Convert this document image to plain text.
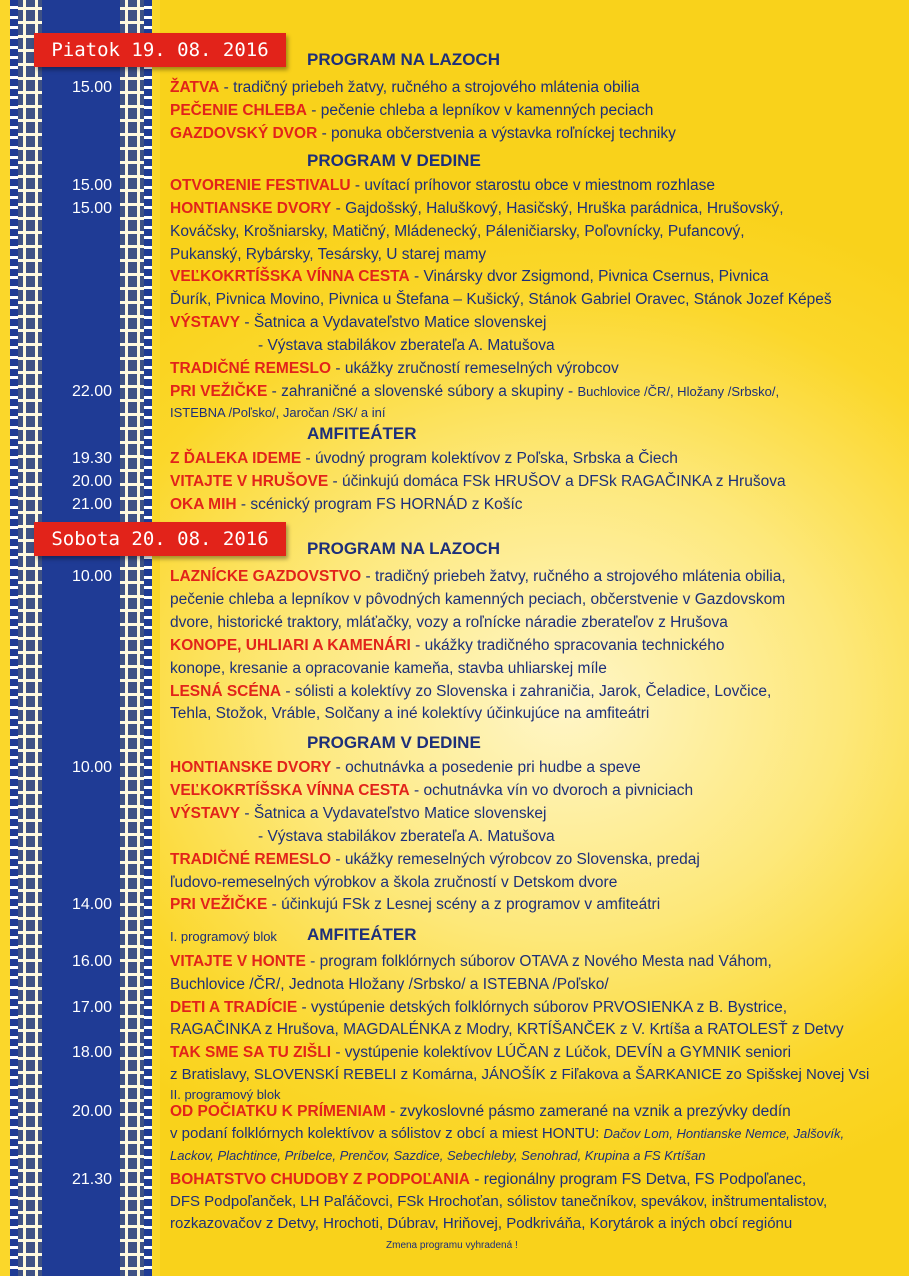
Piatok 19. 08. 2016	PROGRAM NA LAZOCH
15.00	ŽATVA - tradičný priebeh žatvy, ručného a strojového mlátenia obilia
PEČENIE CHLEBA - pečenie chleba a lepníkov v kamenných peciach
GAZDOVSKÝ DVOR - ponuka občerstvenia a výstavka roľníckej techniky
PROGRAM V DEDINE
15.00	OTVORENIE FESTIVALU - uvítací príhovor starostu obce v miestnom rozhlase
15.00	HONTIANSKE DVORY - Gajdošský, Haluškový, Hasičský, Hruška parádnica, Hrušovský,
Kováčsky, Krošniarsky, Matičný, Mládenecký, Páleničiarsky, Poľovnícky, Pufancový,
Pukanský, Rybársky, Tesársky, U starej mamy
VEĽKOKRTÍŠSKA VÍNNA CESTA - Vinársky dvor Zsigmond, Pivnica Csernus, Pivnica
Ďurík, Pivnica Movino, Pivnica u Štefana – Kušický, Stánok Gabriel Oravec, Stánok Jozef Képeš
VÝSTAVY - Šatnica a Vydavateľstvo Matice slovenskej
- Výstava stabilákov zberateľa A. Matušova
TRADIČNÉ REMESLO - ukážky zručností remeselných výrobcov
22.00	PRI VEŽIČKE - zahraničné a slovenské súbory a skupiny - Buchlovice /ČR/, Hložany /Srbsko/,
ISTEBNA /Poľsko/, Jaročan /SK/ a iní
AMFITEÁTER
19.30	Z ĎALEKA IDEME - úvodný program kolektívov z Poľska, Srbska a Čiech
20.00	VITAJTE V HRUŠOVE - účinkujú domáca FSk HRUŠOV a DFSk RAGAČINKA z Hrušova
21.00	OKA MIH - scénický program FS HORNÁD z Košíc
Sobota 20. 08. 2016	PROGRAM NA LAZOCH
10.00	LAZNÍCKE GAZDOVSTVO - tradičný priebeh žatvy, ručného a strojového mlátenia obilia,
pečenie chleba a lepníkov v pôvodných kamenných peciach, občerstvenie v Gazdovskom
dvore, historické traktory, mláťačky, vozy a roľnícke náradie zberateľov z Hrušova
KONOPE, UHLIARI A KAMENÁRI - ukážky tradičného spracovania technického
konope, kresanie a opracovanie kameňa, stavba uhliarskej míle
LESNÁ SCÉNA - sólisti a kolektívy zo Slovenska i zahraničia, Jarok, Čeladice, Lovčice,
Tehla, Stožok, Vráble, Solčany a iné kolektívy účinkujúce na amfiteátri
PROGRAM V DEDINE
10.00	HONTIANSKE DVORY - ochutnávka a posedenie pri hudbe a speve
VEĽKOKRTÍŠSKA VÍNNA CESTA - ochutnávka vín vo dvoroch a pivniciach
VÝSTAVY - Šatnica a Vydavateľstvo Matice slovenskej
- Výstava stabilákov zberateľa A. Matušova
TRADIČNÉ REMESLO - ukážky remeselných výrobcov zo Slovenska, predaj
ľudovo-remeselných výrobkov a škola zručností v Detskom dvore
14.00	PRI VEŽIČKE - účinkujú FSk z Lesnej scény a z programov v amfiteátri
I. programový blok AMFITEÁTER
16.00	VITAJTE V HONTE - program folklórnych súborov OTAVA z Nového Mesta nad Váhom,
Buchlovice /ČR/, Jednota Hložany /Srbsko/ a ISTEBNA /Poľsko/
17.00	DETI A TRADÍCIE - vystúpenie detských folklórnych súborov PRVOSIENKA z B. Bystrice,
RAGAČINKA z Hrušova, MAGDALÉNKA z Modry, KRTÍŠANČEK z V. Krtíša a RATOLESŤ z Detvy
18.00	TAK SME SA TU ZIŠLI - vystúpenie kolektívov LÚČAN z Lúčok, DEVÍN a GYMNIK seniori
z Bratislavy, SLOVENSKÍ REBELI z Komárna, JÁNOŠÍK z Fiľakova a ŠARKANICE zo Spišskej Novej Vsi
II. programový blok
20.00	OD POČIATKU K PRÍMENIAM - zvykoslovné pásmo zamerané na vznik a prezývky dedín
v podaní folklórnych kolektívov a sólistov z obcí a miest HONTU: Dačov Lom, Hontianske Nemce, Jalšovík,
Lackov, Plachtince, Príbelce, Prenčov, Sazdice, Sebechleby, Senohrad, Krupina a FS Krtíšan
21.30	BOHATSTVO CHUDOBY Z PODPOĽANIA - regionálny program FS Detva, FS Podpoľanec,
DFS Podpoľanček, LH Paľáčovci, FSk Hrochoťan, sólistov tanečníkov, spevákov, inštrumentalistov,
rozkazovačov z Detvy, Hrochoti, Dúbrav, Hriňovej, Podkriváňa, Korytárok a iných obcí regiónu
Zmena programu vyhradená !
